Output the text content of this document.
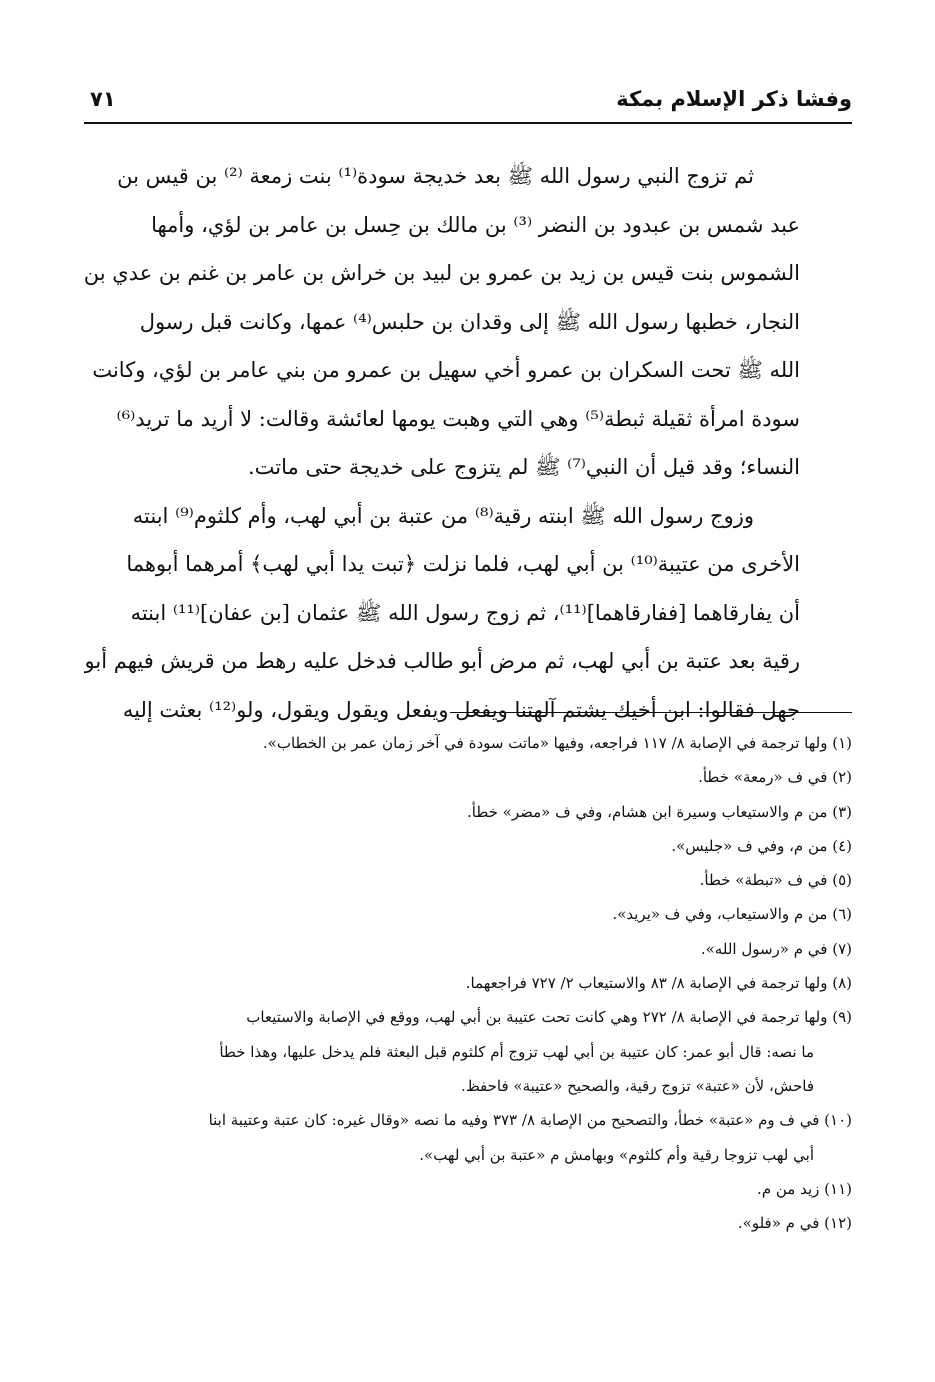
وفشا ذكر الإسلام بمكة
٧١
ثم تزوج النبي رسول الله ﷺ بعد خديجة سودة⁽¹⁾ بنت زمعة ⁽²⁾ بن قيس بن
عبد شمس بن عبدود بن النضر ⁽³⁾ بن مالك بن حِسل بن عامر بن لؤي، وأمها
الشموس بنت قيس بن زيد بن عمرو بن لبيد بن خراش بن عامر بن غنم بن عدي بن
النجار، خطبها رسول الله ﷺ إلى وقدان بن حلبس⁽⁴⁾ عمها، وكانت قبل رسول
الله ﷺ تحت السكران بن عمرو أخي سهيل بن عمرو من بني عامر بن لؤي، وكانت
سودة امرأة ثقيلة ثبطة⁽⁵⁾ وهي التي وهبت يومها لعائشة وقالت: لا أريد ما تريد⁽⁶⁾
النساء؛ وقد قيل أن النبي⁽⁷⁾ ﷺ لم يتزوج على خديجة حتى ماتت.
وزوج رسول الله ﷺ ابنته رقية⁽⁸⁾ من عتبة بن أبي لهب، وأم كلثوم⁽⁹⁾ ابنته
الأخرى من عتيبة⁽¹⁰⁾ بن أبي لهب، فلما نزلت ﴿تبت يدا أبي لهب﴾ أمرهما أبوهما
أن يفارقاهما [ففارقاهما]⁽¹¹⁾، ثم زوج رسول الله ﷺ عثمان [بن عفان]⁽¹¹⁾ ابنته
رقية بعد عتبة بن أبي لهب، ثم مرض أبو طالب فدخل عليه رهط من قريش فيهم أبو
جهل فقالوا: ابن أخيك يشتم آلهتنا ويفعل ويفعل ويقول ويقول، ولو⁽¹²⁾ بعثت إليه
(١) ولها ترجمة في الإصابة ٨/ ١١٧ فراجعه، وفيها «ماتت سودة في آخر زمان عمر بن الخطاب».
(٢) في ف «رمعة» خطأ.
(٣) من م والاستيعاب وسيرة ابن هشام، وفي ف «مضر» خطأ.
(٤) من م، وفي ف «جليس».
(٥) في ف «تبطة» خطأ.
(٦) من م والاستيعاب، وفي ف «يريد».
(٧) في م «رسول الله».
(٨) ولها ترجمة في الإصابة ٨/ ٨٣ والاستيعاب ٢/ ٧٢٧ فراجعهما.
(٩) ولها ترجمة في الإصابة ٨/ ٢٧٢ وهي كانت تحت عتيبة بن أبي لهب، ووقع في الإصابة والاستيعاب
ما نصه: قال أبو عمر: كان عتيبة بن أبي لهب تزوج أم كلثوم قبل البعثة فلم يدخل عليها، وهذا خطأ
فاحش، لأن «عتبة» تزوج رقية، والصحيح «عتيبة» فاحفظ.
(١٠) في ف وم «عتبة» خطأ، والتصحيح من الإصابة ٨/ ٣٧٣ وفيه ما نصه «وقال غيره: كان عتبة وعتيبة ابنا
أبي لهب تزوجا رقية وأم كلثوم» وبهامش م «عتبة بن أبي لهب».
(١١) زيد من م.
(١٢) في م «فلو».
